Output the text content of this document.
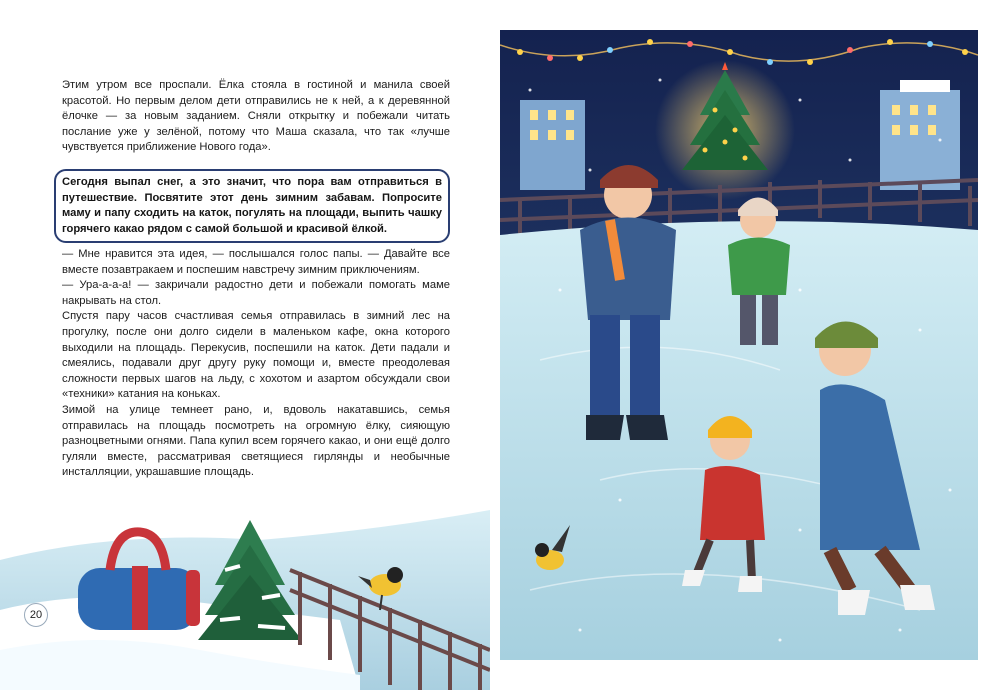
Этим утром все проспали. Ёлка стояла в гостиной и манила своей красотой. Но первым делом дети отправились не к ней, а к деревянной ёлочке — за новым заданием. Сняли открытку и побежали читать послание уже у зелёной, потому что Маша сказала, что так «лучше чувствуется приближение Нового года».

Сегодня выпал снег, а это значит, что пора вам отправиться в путешествие. Посвятите этот день зимним забавам. Попросите маму и папу сходить на каток, погулять на площади, выпить чашку горячего какао рядом с самой большой и красивой ёлкой.

— Мне нравится эта идея, — послышался голос папы. — Давайте все вместе позавтракаем и поспешим навстречу зимним приключениям.

— Ура-а-а-а! — закричали радостно дети и побежали помогать маме накрывать на стол.

Спустя пару часов счастливая семья отправилась в зимний лес на прогулку, после они долго сидели в маленьком кафе, окна которого выходили на площадь. Перекусив, поспешили на каток. Дети падали и смеялись, подавали друг другу руку помощи и, вместе преодолевая сложности первых шагов на льду, с хохотом и азартом обсуждали свои «техники» катания на коньках.

Зимой на улице темнеет рано, и, вдоволь накатавшись, семья отправилась на площадь посмотреть на огромную ёлку, сияющую разноцветными огнями. Папа купил всем горячего какао, и они ещё долго гуляли вместе, рассматривая светящиеся гирлянды и необычные инсталляции, украшавшие площадь.

20
